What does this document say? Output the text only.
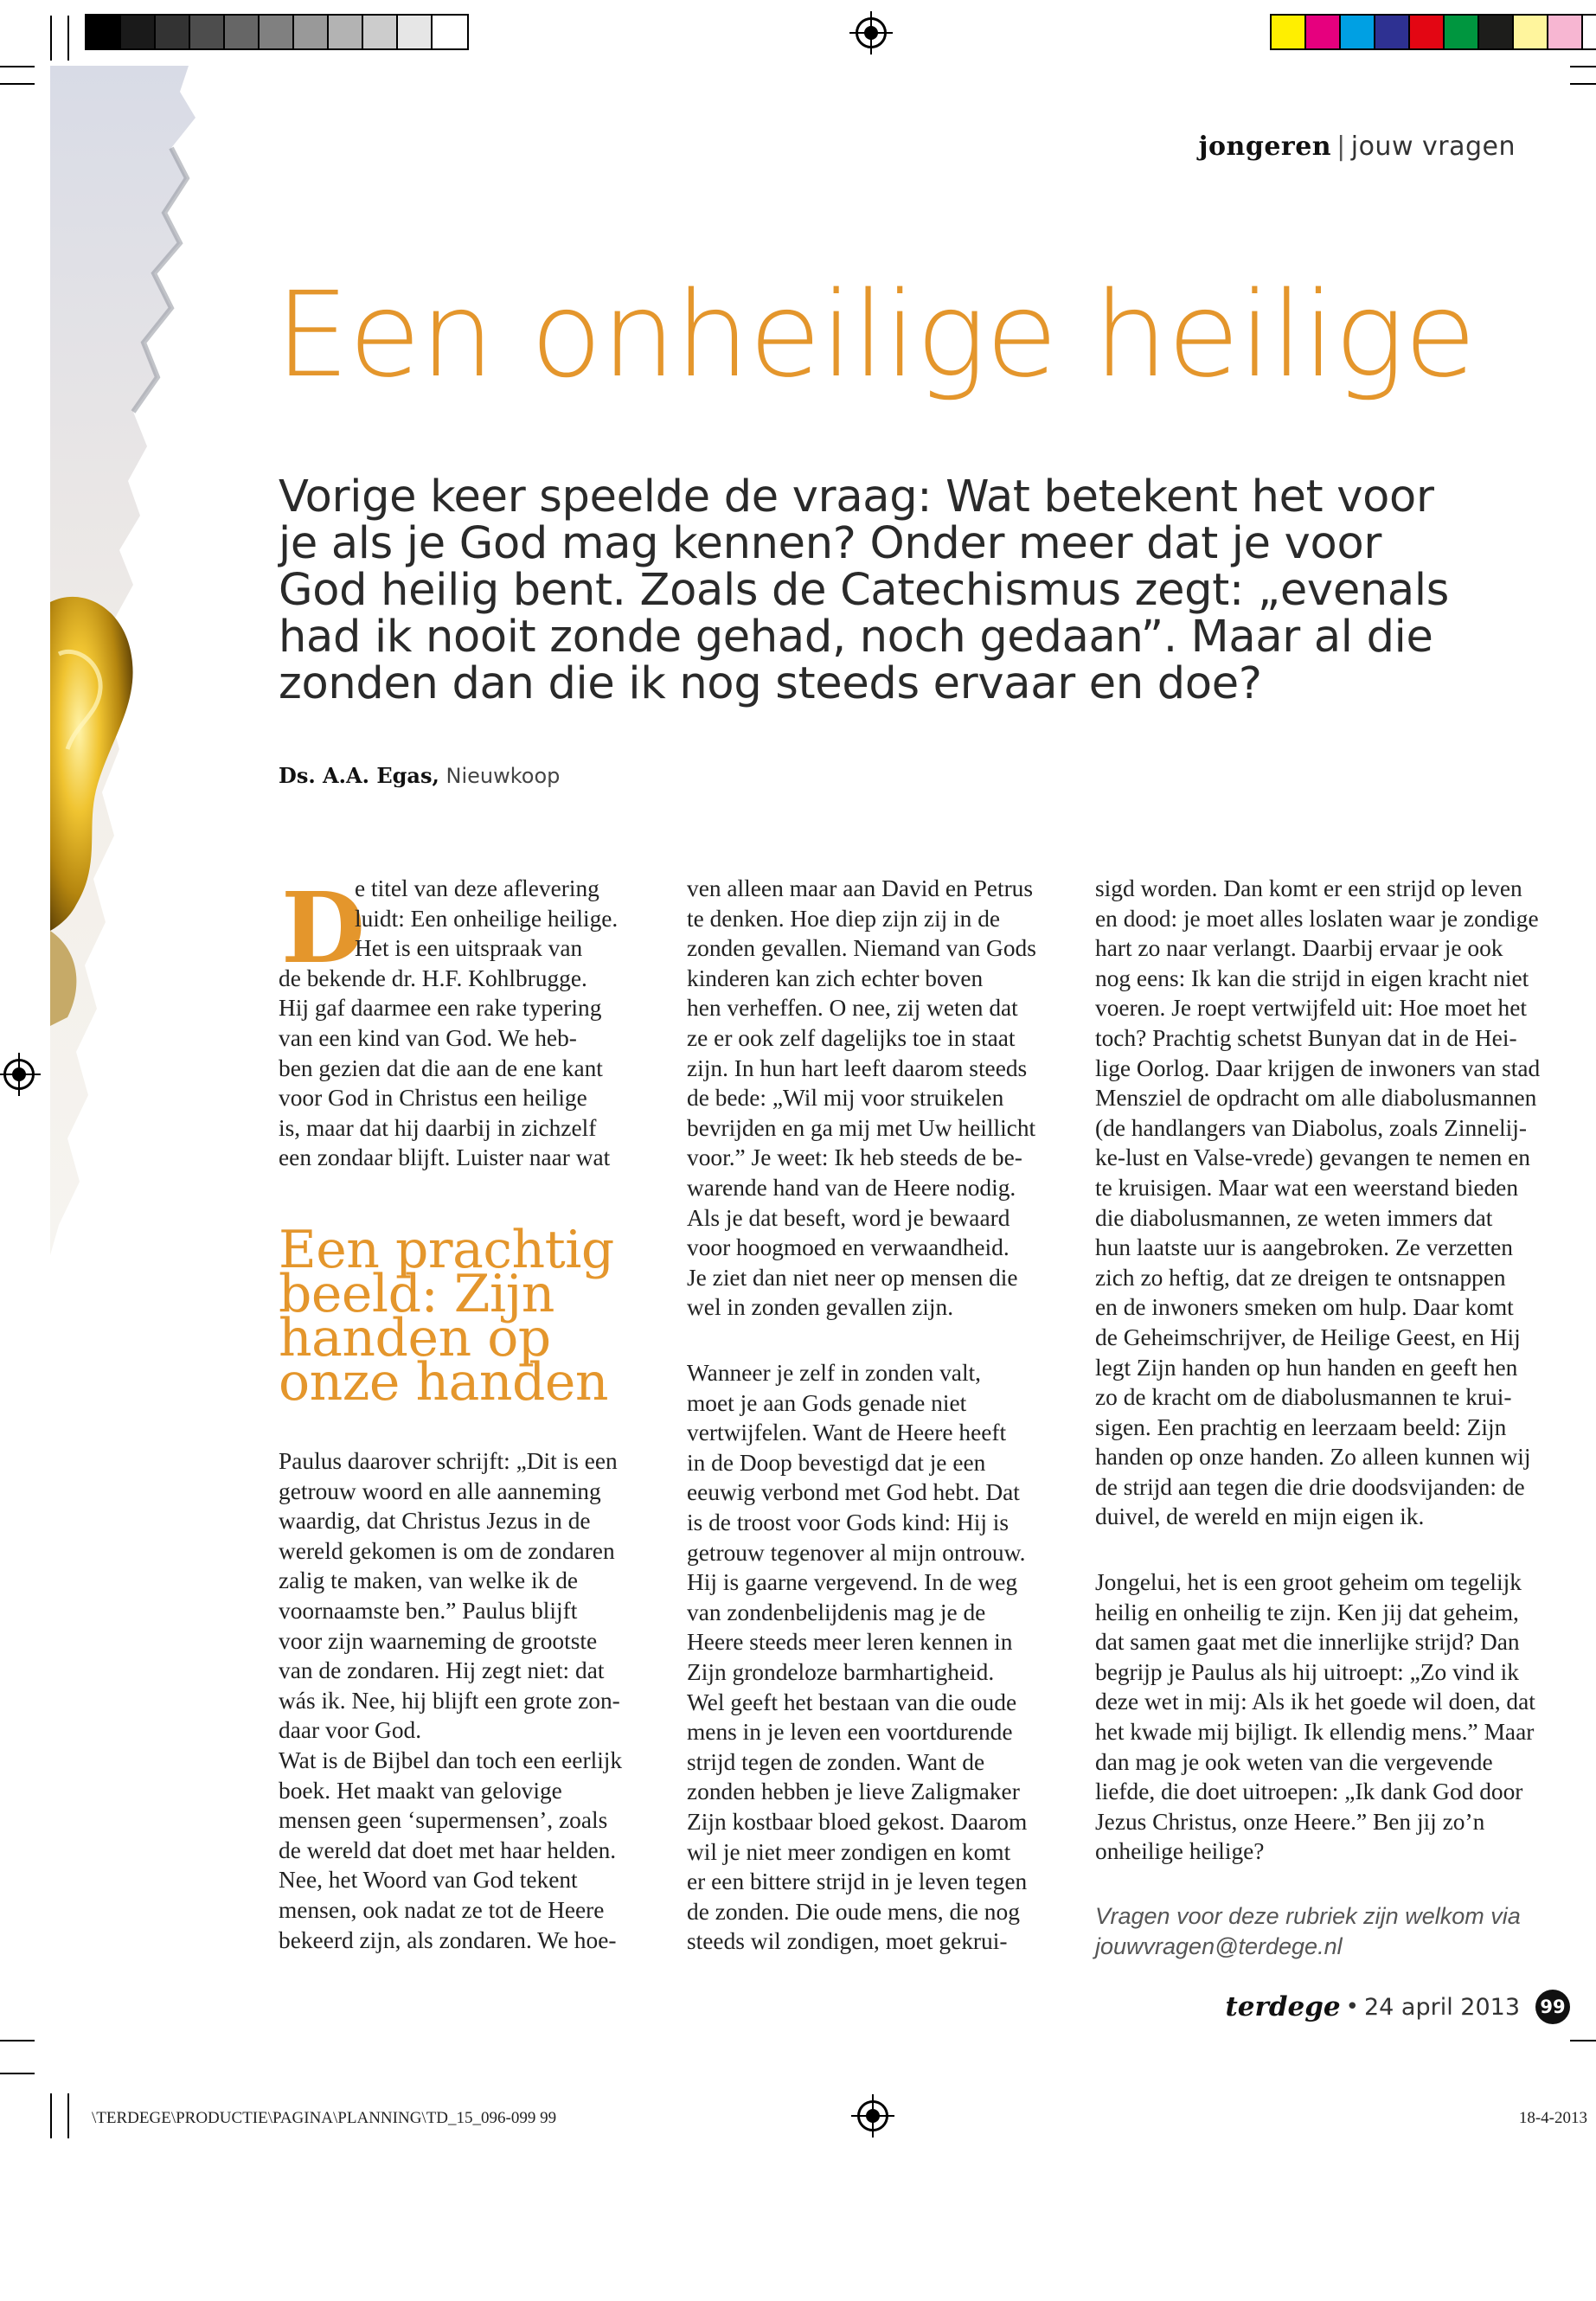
jongeren | jouw vragen
Een onheilige heilige
Vorige keer speelde de vraag: Wat betekent het voor
je als je God mag kennen? Onder meer dat je voor
God heilig bent. Zoals de Catechismus zegt: „evenals
had ik nooit zonde gehad, noch gedaan”. Maar al die
zonden dan die ik nog steeds ervaar en doe?
Ds. A.A. Egas, Nieuwkoop
D

e titel van deze aflevering

luidt: Een onheilige heilige.

Het is een uitspraak van

de bekende dr. H.F. Kohlbrugge.

Hij gaf daarmee een rake typering

van een kind van God. We heb-

ben gezien dat die aan de ene kant

voor God in Christus een heilige

is, maar dat hij daarbij in zichzelf

een zondaar blijft. Luister naar wat

Een prachtig
beeld: Zijn
handen op
onze handen

Paulus daarover schrijft: „Dit is een

getrouw woord en alle aanneming

waardig, dat Christus Jezus in de

wereld gekomen is om de zondaren

zalig te maken, van welke ik de

voornaamste ben.” Paulus blijft

voor zijn waarneming de grootste

van de zondaren. Hij zegt niet: dat

wás ik. Nee, hij blijft een grote zon-

daar voor God.

Wat is de Bijbel dan toch een eerlijk

boek. Het maakt van gelovige

mensen geen ‘supermensen’, zoals

de wereld dat doet met haar helden.

Nee, het Woord van God tekent

mensen, ook nadat ze tot de Heere

bekeerd zijn, als zondaren. We hoe-

ven alleen maar aan David en Petrus

te denken. Hoe diep zijn zij in de

zonden gevallen. Niemand van Gods

kinderen kan zich echter boven

hen verheffen. O nee, zij weten dat

ze er ook zelf dagelijks toe in staat

zijn. In hun hart leeft daarom steeds

de bede: „Wil mij voor struikelen

bevrijden en ga mij met Uw heillicht

voor.” Je weet: Ik heb steeds de be-

warende hand van de Heere nodig.

Als je dat beseft, word je bewaard

voor hoogmoed en verwaandheid.

Je ziet dan niet neer op mensen die

wel in zonden gevallen zijn.

Wanneer je zelf in zonden valt,

moet je aan Gods genade niet

vertwijfelen. Want de Heere heeft

in de Doop bevestigd dat je een

eeuwig verbond met God hebt. Dat

is de troost voor Gods kind: Hij is

getrouw tegenover al mijn ontrouw.

Hij is gaarne vergevend. In de weg

van zondenbelijdenis mag je de

Heere steeds meer leren kennen in

Zijn grondeloze barmhartigheid.

Wel geeft het bestaan van die oude

mens in je leven een voortdurende

strijd tegen de zonden. Want de

zonden hebben je lieve Zaligmaker

Zijn kostbaar bloed gekost. Daarom

wil je niet meer zondigen en komt

er een bittere strijd in je leven tegen

de zonden. Die oude mens, die nog

steeds wil zondigen, moet gekrui-

sigd worden. Dan komt er een strijd op leven

en dood: je moet alles loslaten waar je zondige

hart zo naar verlangt. Daarbij ervaar je ook

nog eens: Ik kan die strijd in eigen kracht niet

voeren. Je roept vertwijfeld uit: Hoe moet het

toch? Prachtig schetst Bunyan dat in de Hei-

lige Oorlog. Daar krijgen de inwoners van stad

Mensziel de opdracht om alle diabolusmannen

(de handlangers van Diabolus, zoals Zinnelij-

ke-lust en Valse-vrede) gevangen te nemen en

te kruisigen. Maar wat een weerstand bieden

die diabolusmannen, ze weten immers dat

hun laatste uur is aangebroken. Ze verzetten

zich zo heftig, dat ze dreigen te ontsnappen

en de inwoners smeken om hulp. Daar komt

de Geheimschrijver, de Heilige Geest, en Hij

legt Zijn handen op hun handen en geeft hen

zo de kracht om de diabolusmannen te krui-

sigen. Een prachtig en leerzaam beeld: Zijn

handen op onze handen. Zo alleen kunnen wij

de strijd aan tegen die drie doodsvijanden: de

duivel, de wereld en mijn eigen ik.

Jongelui, het is een groot geheim om tegelijk

heilig en onheilig te zijn. Ken jij dat geheim,

dat samen gaat met die innerlijke strijd? Dan

begrijp je Paulus als hij uitroept: „Zo vind ik

deze wet in mij: Als ik het goede wil doen, dat

het kwade mij bijligt. Ik ellendig mens.” Maar

dan mag je ook weten van die vergevende

liefde, die doet uitroepen: „Ik dank God door

Jezus Christus, onze Heere.” Ben jij zo’n

onheilige heilige?

Vragen voor deze rubriek zijn welkom via

jouwvragen@terdege.nl

terdege • 24 april 2013 99
\TERDEGE\PRODUCTIE\PAGINA\PLANNING\TD_15_096-099 99	18-4-2013
